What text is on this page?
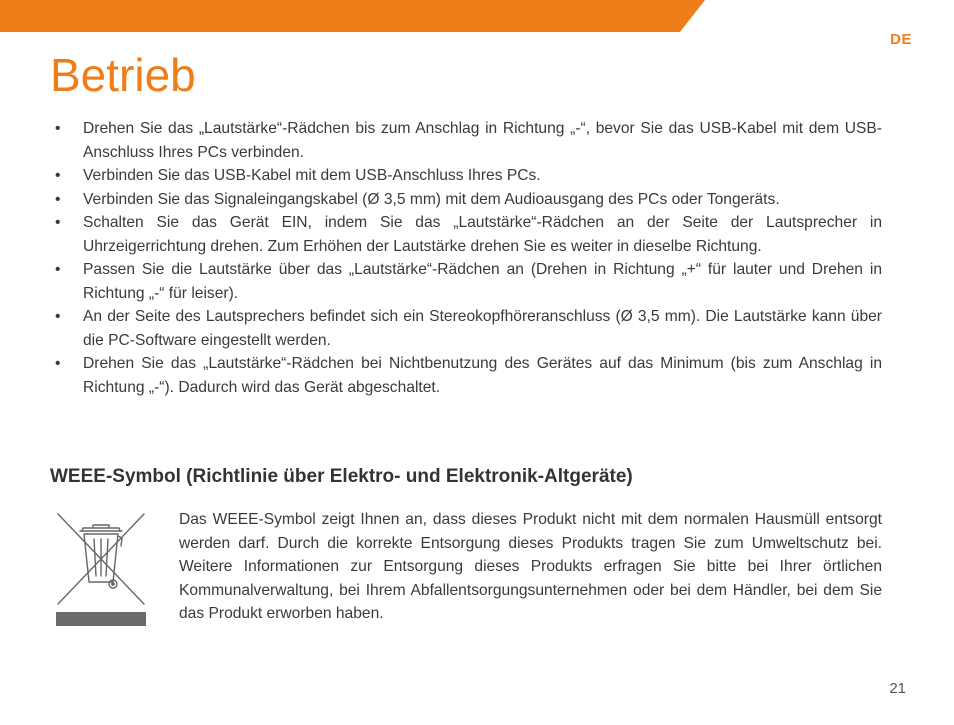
DE
Betrieb
• Drehen Sie das „Lautstärke“-Rädchen bis zum Anschlag in Richtung „-“, bevor Sie das USB-Kabel mit dem USB-Anschluss Ihres PCs verbinden.
• Verbinden Sie das USB-Kabel mit dem USB-Anschluss Ihres PCs.
• Verbinden Sie das Signaleingangskabel (Ø 3,5 mm) mit dem Audioausgang des PCs oder Tongeräts.
• Schalten Sie das Gerät EIN, indem Sie das „Lautstärke“-Rädchen an der Seite der Lautsprecher in Uhrzeigerrichtung drehen. Zum Erhöhen der Lautstärke drehen Sie es weiter in dieselbe Richtung.
• Passen Sie die Lautstärke über das „Lautstärke“-Rädchen an (Drehen in Richtung „+“ für lauter und Drehen in Richtung „-“ für leiser).
• An der Seite des Lautsprechers befindet sich ein Stereokopfhöreranschluss (Ø 3,5 mm). Die Lautstärke kann über die PC-Software eingestellt werden.
• Drehen Sie das „Lautstärke“-Rädchen bei Nichtbenutzung des Gerätes auf das Minimum (bis zum Anschlag in Richtung „-“). Dadurch wird das Gerät abgeschaltet.
WEEE-Symbol (Richtlinie über Elektro- und Elektronik-Altgeräte)

Das WEEE-Symbol zeigt Ihnen an, dass dieses Produkt nicht mit dem normalen Hausmüll entsorgt werden darf. Durch die korrekte Entsorgung dieses Produkts tragen Sie zum Umweltschutz bei. Weitere Informationen zur Entsorgung dieses Produkts erfragen Sie bitte bei Ihrer örtlichen Kommunalverwaltung, bei Ihrem Abfallentsorgungsunternehmen oder bei dem Händler, bei dem Sie das Produkt erworben haben.

21
